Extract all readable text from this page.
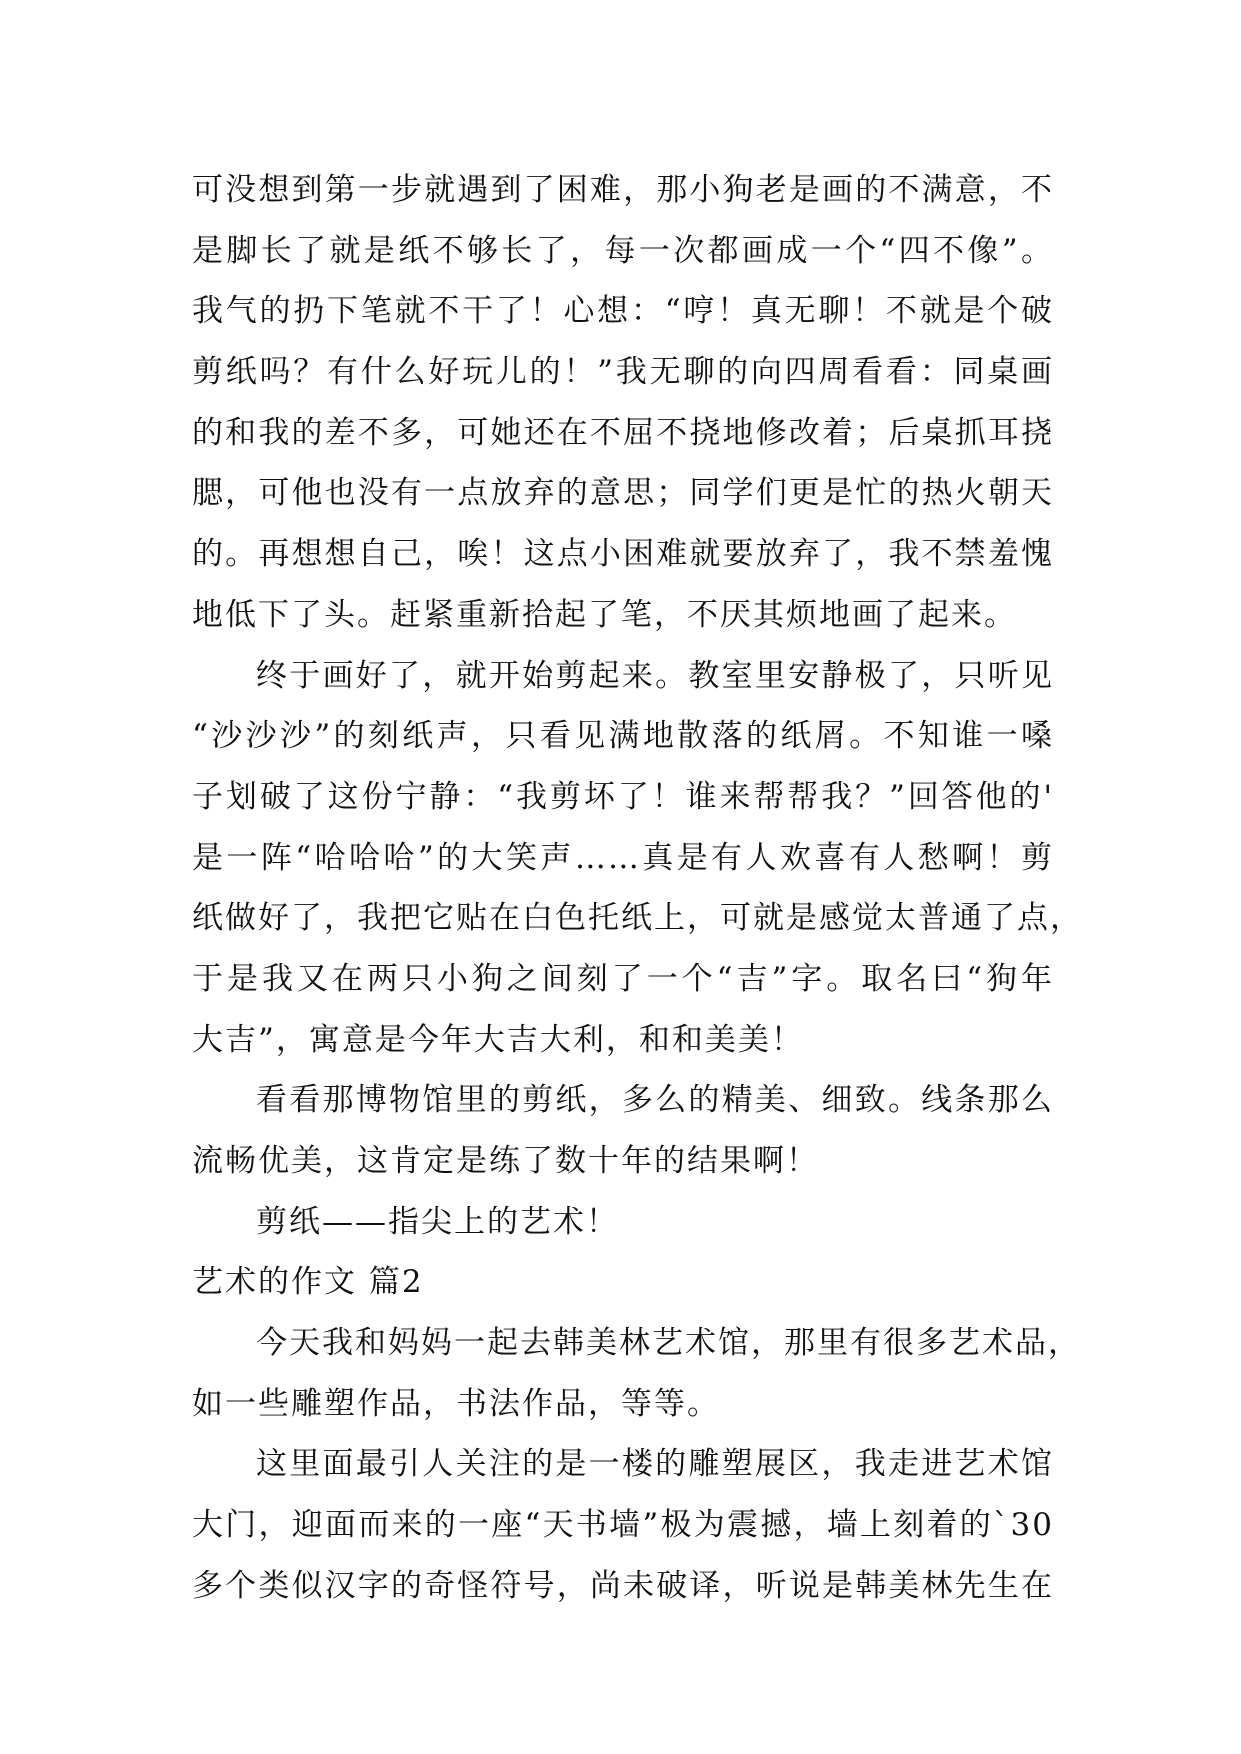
可没想到第一步就遇到了困难，那小狗老是画的不满意，不
是脚长了就是纸不够长了，每一次都画成一个“四不像”。
我气的扔下笔就不干了！心想：“哼！真无聊！不就是个破
剪纸吗？有什么好玩儿的！”我无聊的向四周看看：同桌画
的和我的差不多，可她还在不屈不挠地修改着；后桌抓耳挠
腮，可他也没有一点放弃的意思；同学们更是忙的热火朝天
的。再想想自己，唉！这点小困难就要放弃了，我不禁羞愧
地低下了头。赶紧重新拾起了笔，不厌其烦地画了起来。
终于画好了，就开始剪起来。教室里安静极了，只听见
“沙沙沙”的刻纸声，只看见满地散落的纸屑。不知谁一嗓
子划破了这份宁静：“我剪坏了！谁来帮帮我？”回答他的'
是一阵“哈哈哈”的大笑声……真是有人欢喜有人愁啊！剪
纸做好了，我把它贴在白色托纸上，可就是感觉太普通了点，
于是我又在两只小狗之间刻了一个“吉”字。取名曰“狗年
大吉”，寓意是今年大吉大利，和和美美！
看看那博物馆里的剪纸，多么的精美、细致。线条那么
流畅优美，这肯定是练了数十年的结果啊！
剪纸——指尖上的艺术！
艺术的作文 篇2
今天我和妈妈一起去韩美林艺术馆，那里有很多艺术品，
如一些雕塑作品，书法作品，等等。
这里面最引人关注的是一楼的雕塑展区，我走进艺术馆
大门，迎面而来的一座“天书墙”极为震撼，墙上刻着的`30
多个类似汉字的奇怪符号，尚未破译，听说是韩美林先生在
